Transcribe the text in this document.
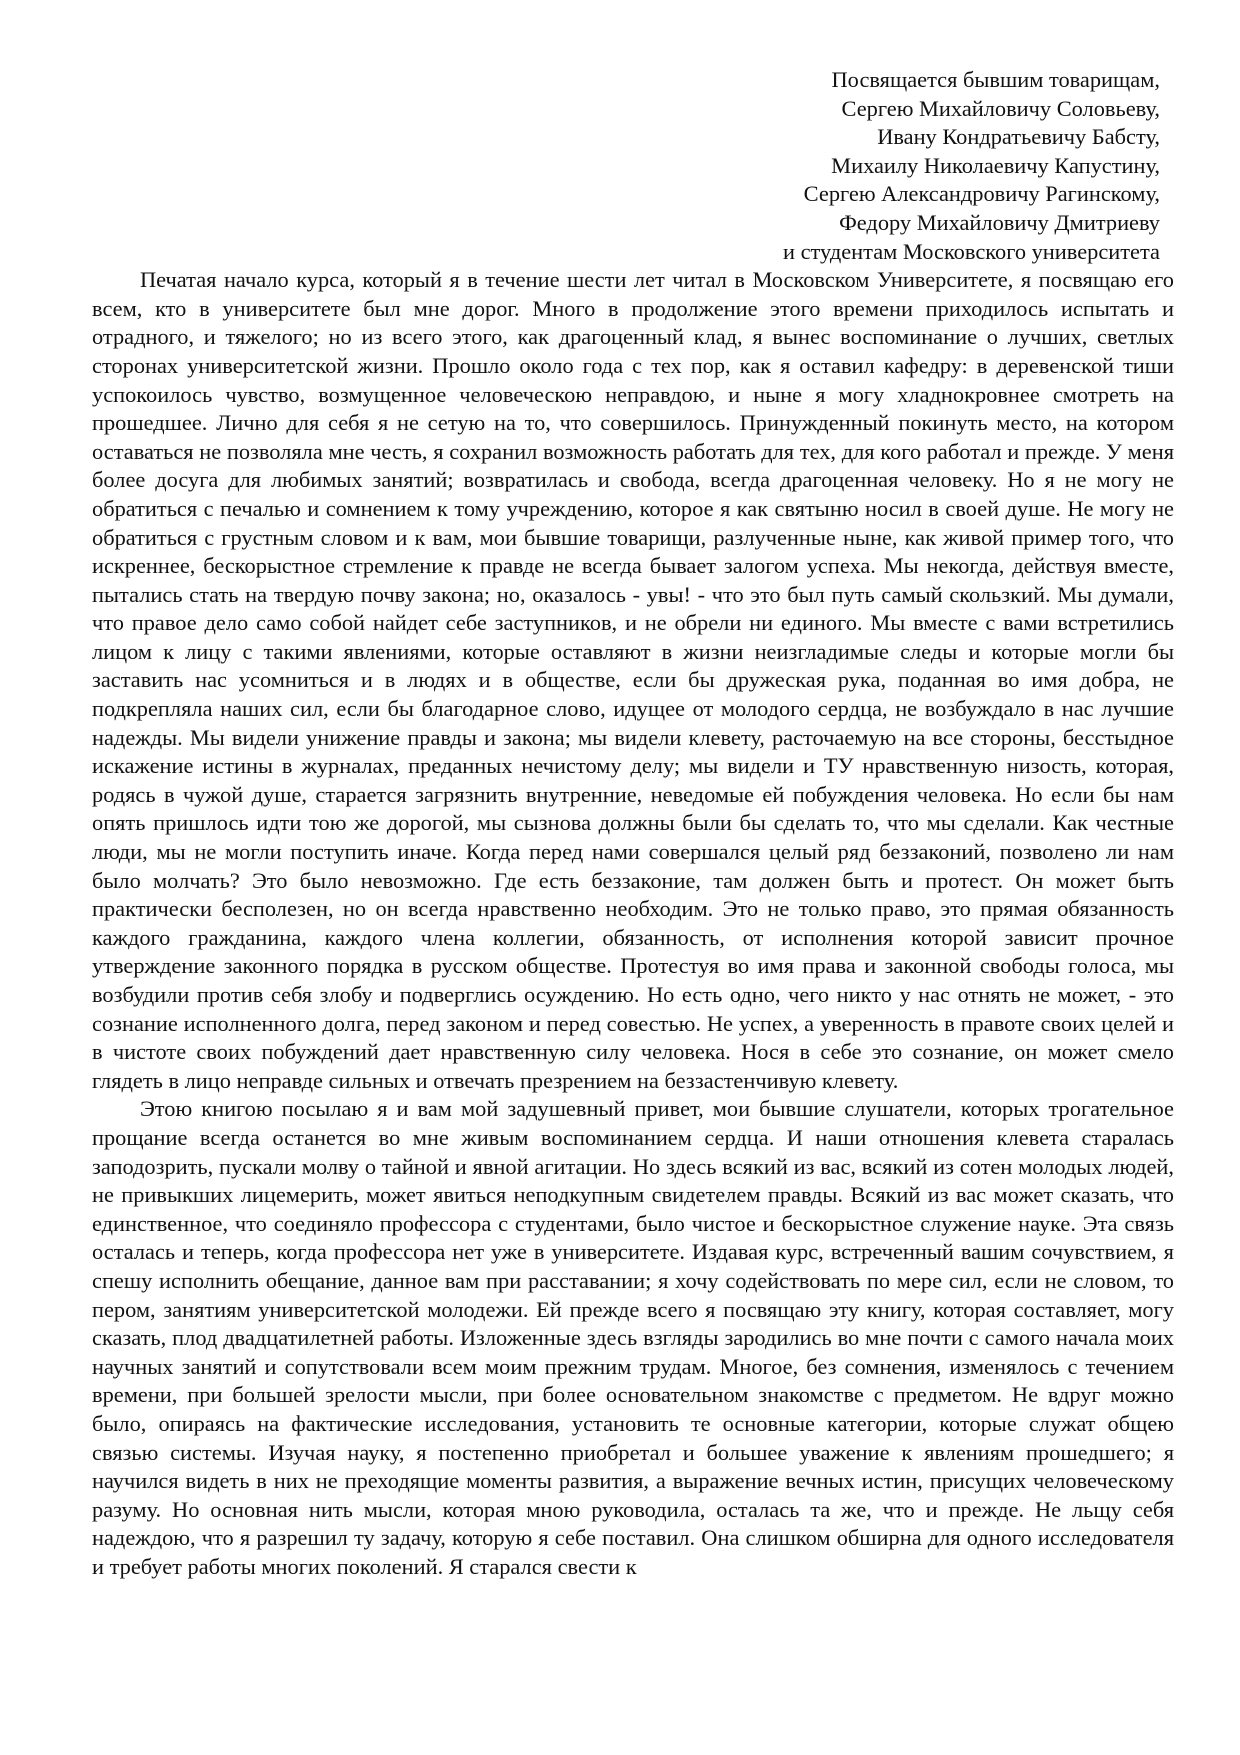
Посвящается бывшим товарищам,
Сергею Михайловичу Соловьеву,
Ивану Кондратьевичу Бабсту,
Михаилу Николаевичу Капустину,
Сергею Александровичу Рагинскому,
Федору Михайловичу Дмитриеву
и студентам Московского университета

Печатая начало курса, который я в течение шести лет читал в Московском Университете, я посвящаю его всем, кто в университете был мне дорог. Много в продолжение этого времени приходилось испытать и отрадного, и тяжелого; но из всего этого, как драгоценный клад, я вынес воспоминание о лучших, светлых сторонах университетской жизни. Прошло около года с тех пор, как я оставил кафедру: в деревенской тиши успокоилось чувство, возмущенное человеческою неправдою, и ныне я могу хладнокровнее смотреть на прошедшее. Лично для себя я не сетую на то, что совершилось. Принужденный покинуть место, на котором оставаться не позволяла мне честь, я сохранил возможность работать для тех, для кого работал и прежде. У меня более досуга для любимых занятий; возвратилась и свобода, всегда драгоценная человеку. Но я не могу не обратиться с печалью и сомнением к тому учреждению, которое я как святыню носил в своей душе. Не могу не обратиться с грустным словом и к вам, мои бывшие товарищи, разлученные ныне, как живой пример того, что искреннее, бескорыстное стремление к правде не всегда бывает залогом успеха. Мы некогда, действуя вместе, пытались стать на твердую почву закона; но, оказалось - увы! - что это был путь самый скользкий. Мы думали, что правое дело само собой найдет себе заступников, и не обрели ни единого. Мы вместе с вами встретились лицом к лицу с такими явлениями, которые оставляют в жизни неизгладимые следы и которые могли бы заставить нас усомниться и в людях и в обществе, если бы дружеская рука, поданная во имя добра, не подкрепляла наших сил, если бы благодарное слово, идущее от молодого сердца, не возбуждало в нас лучшие надежды. Мы видели унижение правды и закона; мы видели клевету, расточаемую на все стороны, бесстыдное искажение истины в журналах, преданных нечистому делу; мы видели и ТУ нравственную низость, которая, родясь в чужой душе, старается загрязнить внутренние, неведомые ей побуждения человека. Но если бы нам опять пришлось идти тою же дорогой, мы сызнова должны были бы сделать то, что мы сделали. Как честные люди, мы не могли поступить иначе. Когда перед нами совершался целый ряд беззаконий, позволено ли нам было молчать? Это было невозможно. Где есть беззаконие, там должен быть и протест. Он может быть практически бесполезен, но он всегда нравственно необходим. Это не только право, это прямая обязанность каждого гражданина, каждого члена коллегии, обязанность, от исполнения которой зависит прочное утверждение законного порядка в русском обществе. Протестуя во имя права и законной свободы голоса, мы возбудили против себя злобу и подверглись осуждению. Но есть одно, чего никто у нас отнять не может, - это сознание исполненного долга, перед законом и перед совестью. Не успех, а уверенность в правоте своих целей и в чистоте своих побуждений дает нравственную силу человека. Нося в себе это сознание, он может смело глядеть в лицо неправде сильных и отвечать презрением на беззастенчивую клевету.

Этою книгою посылаю я и вам мой задушевный привет, мои бывшие слушатели, которых трогательное прощание всегда останется во мне живым воспоминанием сердца. И наши отношения клевета старалась заподозрить, пускали молву о тайной и явной агитации. Но здесь всякий из вас, всякий из сотен молодых людей, не привыкших лицемерить, может явиться неподкупным свидетелем правды. Всякий из вас может сказать, что единственное, что соединяло профессора с студентами, было чистое и бескорыстное служение науке. Эта связь осталась и теперь, когда профессора нет уже в университете. Издавая курс, встреченный вашим сочувствием, я спешу исполнить обещание, данное вам при расставании; я хочу содействовать по мере сил, если не словом, то пером, занятиям университетской молодежи. Ей прежде всего я посвящаю эту книгу, которая составляет, могу сказать, плод двадцатилетней работы. Изложенные здесь взгляды зародились во мне почти с самого начала моих научных занятий и сопутствовали всем моим прежним трудам. Многое, без сомнения, изменялось с течением времени, при большей зрелости мысли, при более основательном знакомстве с предметом. Не вдруг можно было, опираясь на фактические исследования, установить те основные категории, которые служат общею связью системы. Изучая науку, я постепенно приобретал и большее уважение к явлениям прошедшего; я научился видеть в них не преходящие моменты развития, а выражение вечных истин, присущих человеческому разуму. Но основная нить мысли, которая мною руководила, осталась та же, что и прежде. Не льщу себя надеждою, что я разрешил ту задачу, которую я себе поставил. Она слишком обширна для одного исследователя и требует работы многих поколений. Я старался свести к
